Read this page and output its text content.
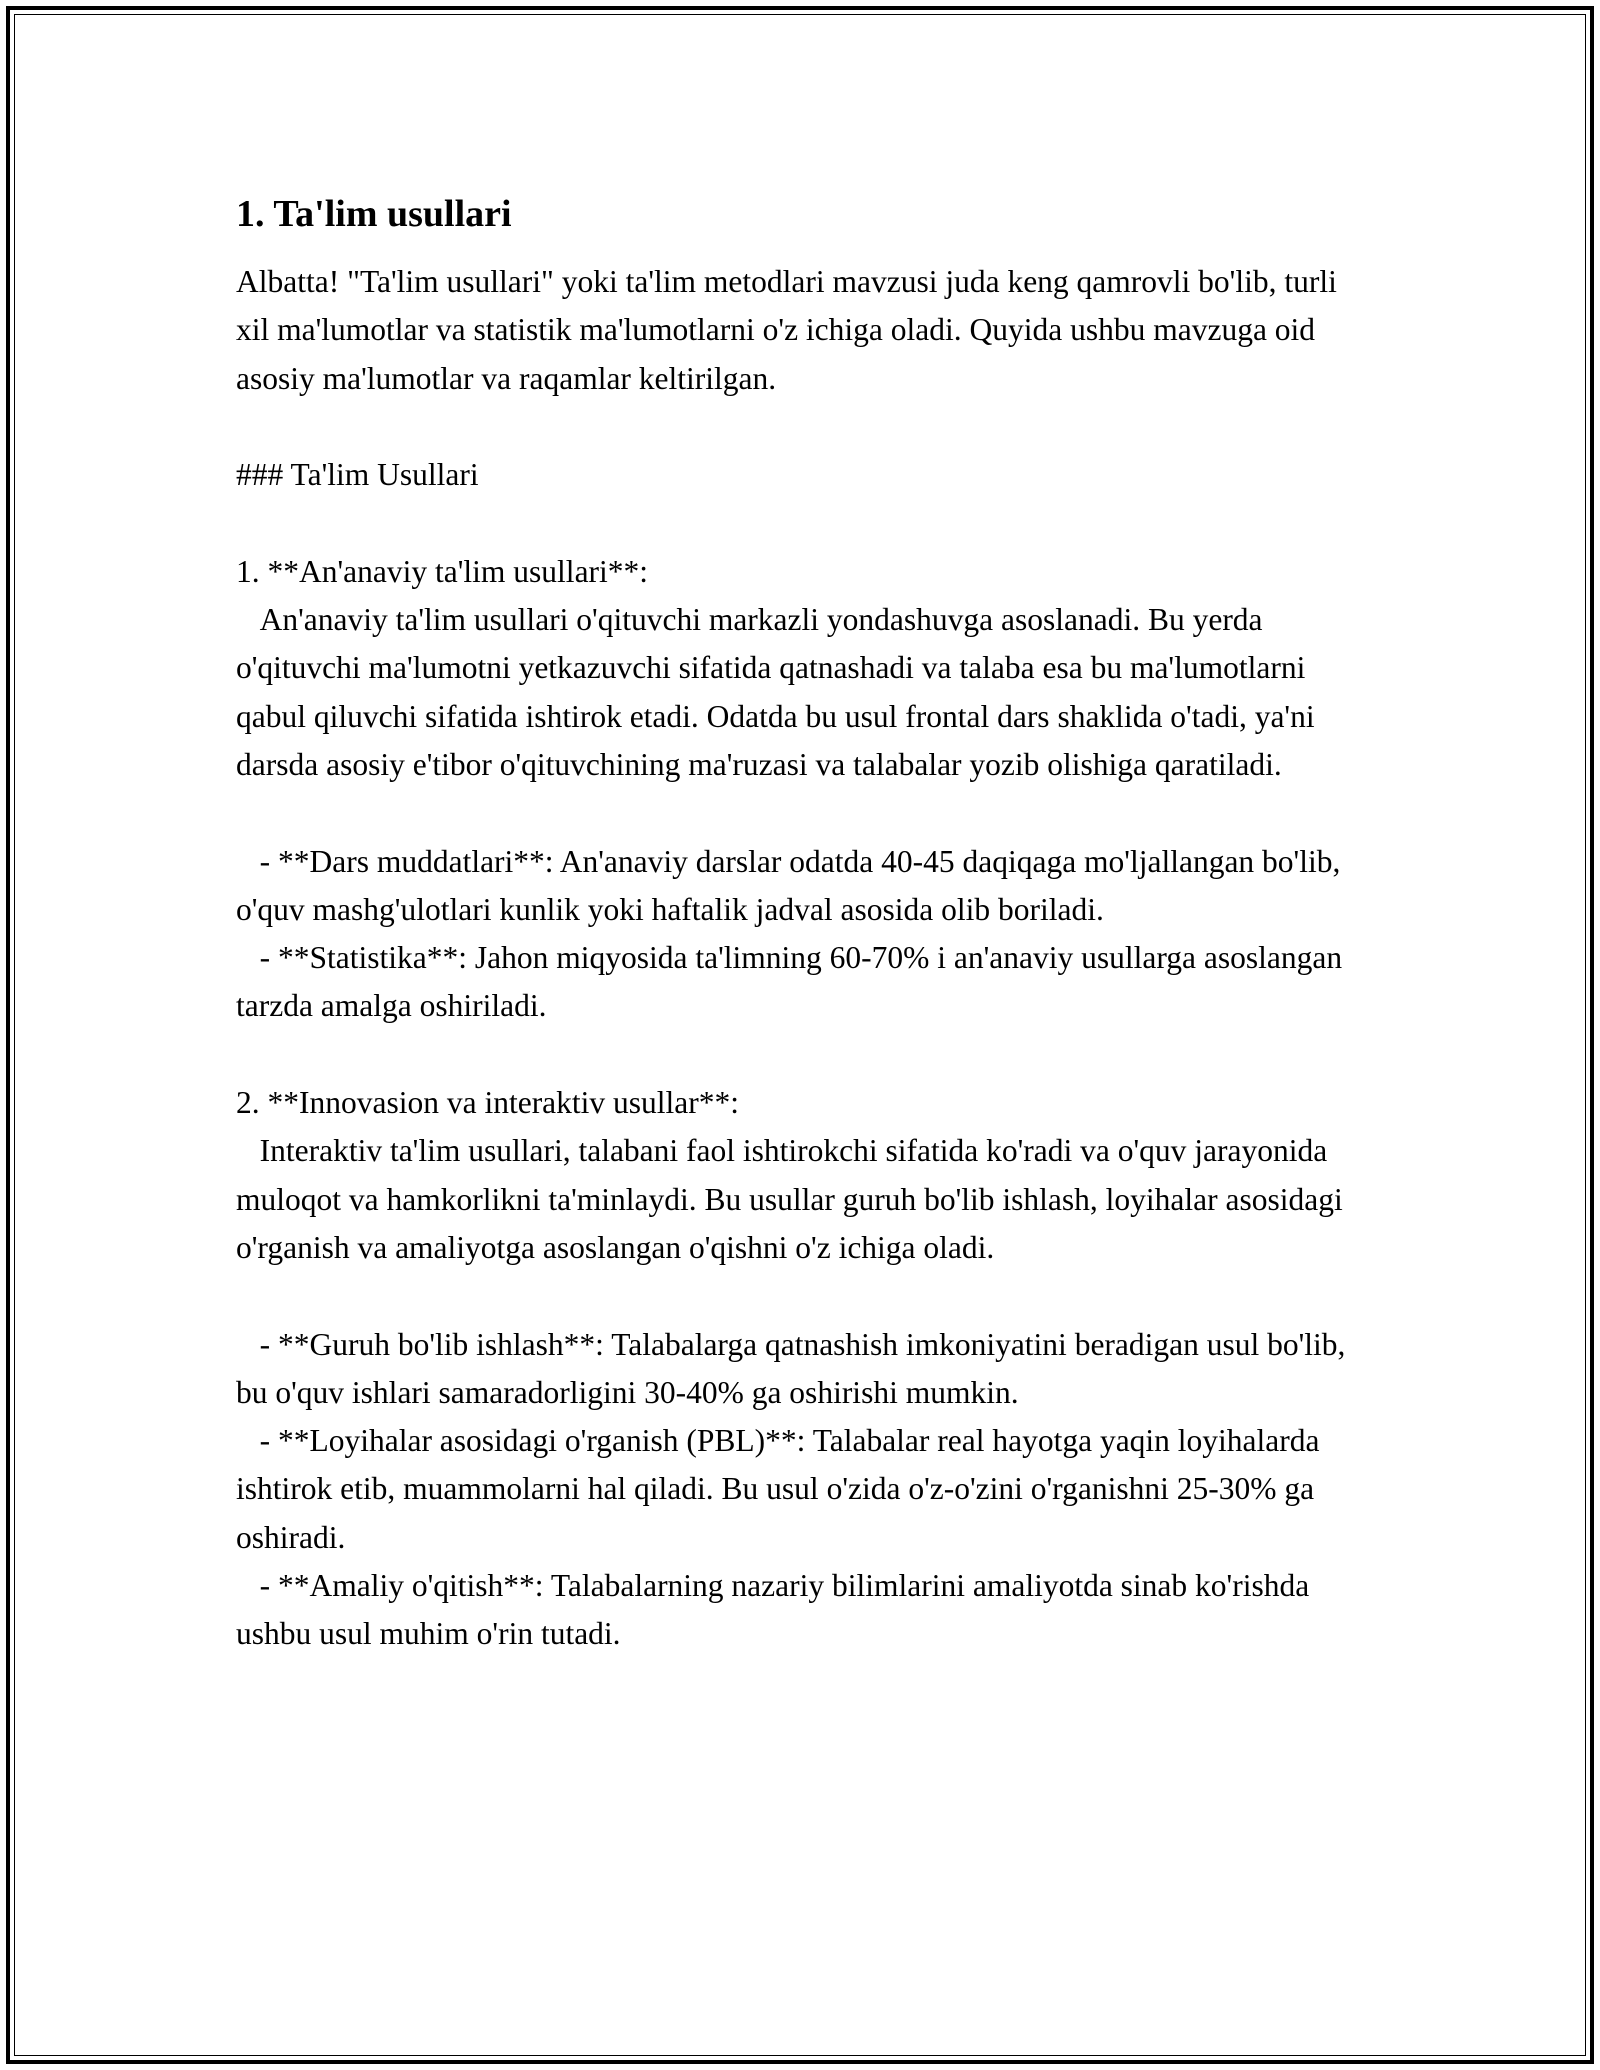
1. Ta'lim usullari

Albatta! "Ta'lim usullari" yoki ta'lim metodlari mavzusi juda keng qamrovli bo'lib, turli xil ma'lumotlar va statistik ma'lumotlarni o'z ichiga oladi. Quyida ushbu mavzuga oid asosiy ma'lumotlar va raqamlar keltirilgan.

### Ta'lim Usullari

1. **An'anaviy ta'lim usullari**:

An'anaviy ta'lim usullari o'qituvchi markazli yondashuvga asoslanadi. Bu yerda o'qituvchi ma'lumotni yetkazuvchi sifatida qatnashadi va talaba esa bu ma'lumotlarni qabul qiluvchi sifatida ishtirok etadi. Odatda bu usul frontal dars shaklida o'tadi, ya'ni darsda asosiy e'tibor o'qituvchining ma'ruzasi va talabalar yozib olishiga qaratiladi.

- **Dars muddatlari**: An'anaviy darslar odatda 40-45 daqiqaga mo'ljallangan bo'lib, o'quv mashg'ulotlari kunlik yoki haftalik jadval asosida olib boriladi.

- **Statistika**: Jahon miqyosida ta'limning 60-70% i an'anaviy usullarga asoslangan tarzda amalga oshiriladi.

2. **Innovasion va interaktiv usullar**:

Interaktiv ta'lim usullari, talabani faol ishtirokchi sifatida ko'radi va o'quv jarayonida muloqot va hamkorlikni ta'minlaydi. Bu usullar guruh bo'lib ishlash, loyihalar asosidagi o'rganish va amaliyotga asoslangan o'qishni o'z ichiga oladi.

- **Guruh bo'lib ishlash**: Talabalarga qatnashish imkoniyatini beradigan usul bo'lib, bu o'quv ishlari samaradorligini 30-40% ga oshirishi mumkin.

- **Loyihalar asosidagi o'rganish (PBL)**: Talabalar real hayotga yaqin loyihalarda ishtirok etib, muammolarni hal qiladi. Bu usul o'zida o'z-o'zini o'rganishni 25-30% ga oshiradi.

- **Amaliy o'qitish**: Talabalarning nazariy bilimlarini amaliyotda sinab ko'rishda ushbu usul muhim o'rin tutadi.
